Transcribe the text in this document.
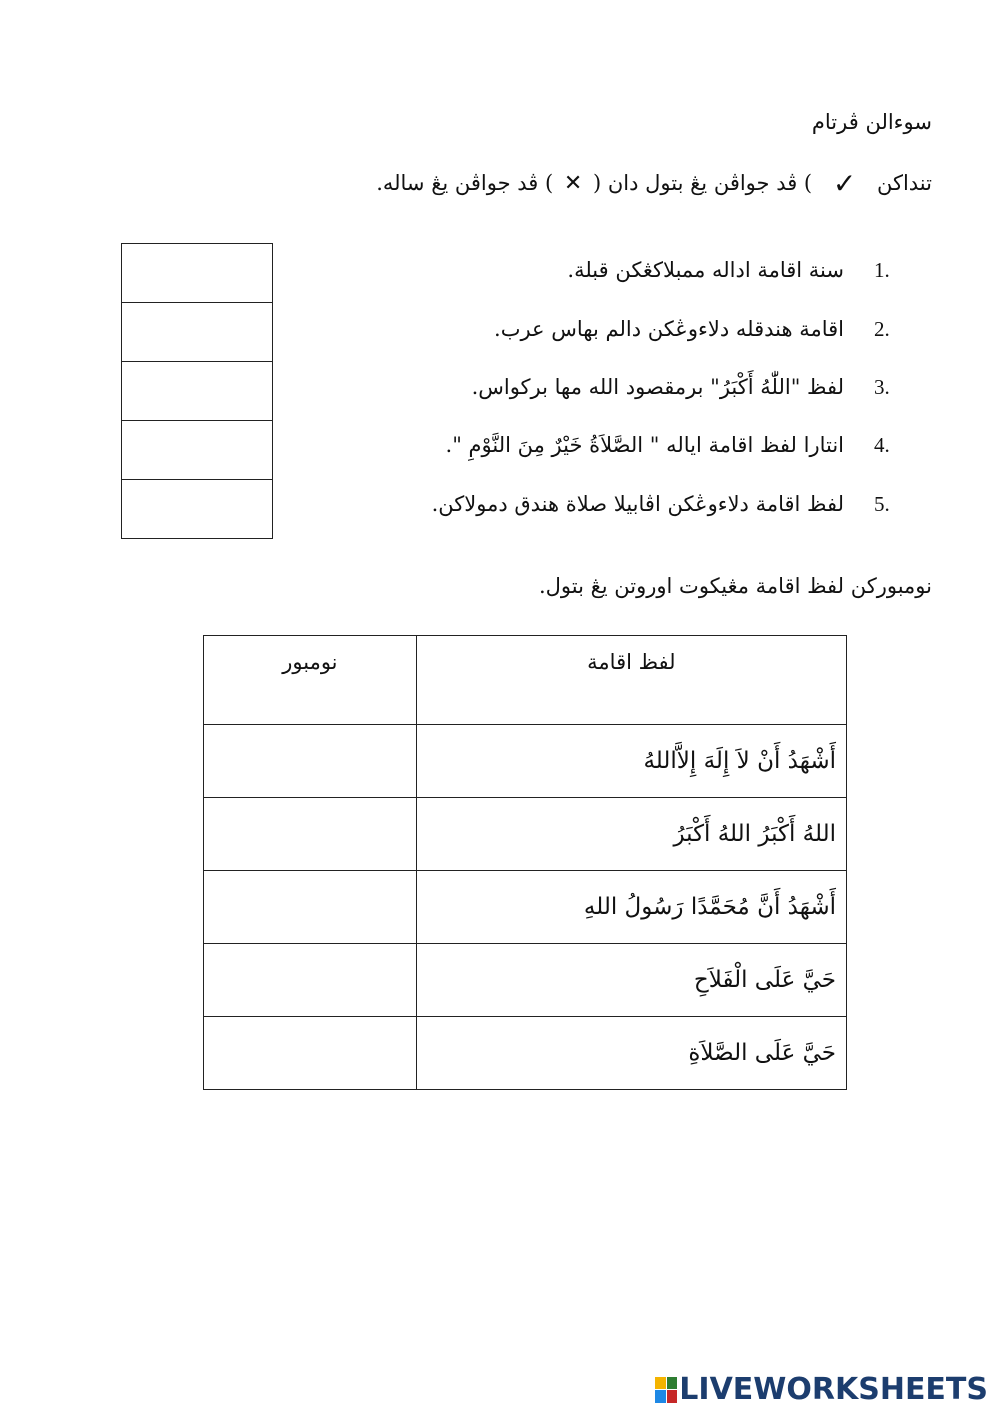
سوءالن ڤرتام
تنداكن ✓ ) ڤد جواڤن يڠ بتول دان ( ✕ ) ڤد جواڤن يڠ ساله.
1.
سنة اقامة اداله ممبلاكڠكن قبلة.
2.
اقامة هندقله دلاءوڠكن دالم بهاس عرب.
3.
لفظ "اللّٰهُ أَكْبَرُ" برمقصود الله مها بركواس.
4.
انتارا لفظ اقامة اياله " الصَّلاَةُ خَيْرٌ مِنَ النَّوْمِ ".
5.
لفظ اقامة دلاءوڠكن اڤابيلا صلاة هندق دمولاكن.
نومبوركن لفظ اقامة مڠيكوت اوروتن يڠ بتول.
لفظ اقامة	نومبور
أَشْهَدُ أَنْ لاَ إِلَهَ إِلاَّاللهُ	
اللهُ أَكْبَرُ اللهُ أَكْبَرُ	
أَشْهَدُ أَنَّ مُحَمَّدًا رَسُولُ اللهِ	
حَيَّ عَلَى الْفَلاَحِ	
حَيَّ عَلَى الصَّلاَةِ	
LIVEWORKSHEETS
